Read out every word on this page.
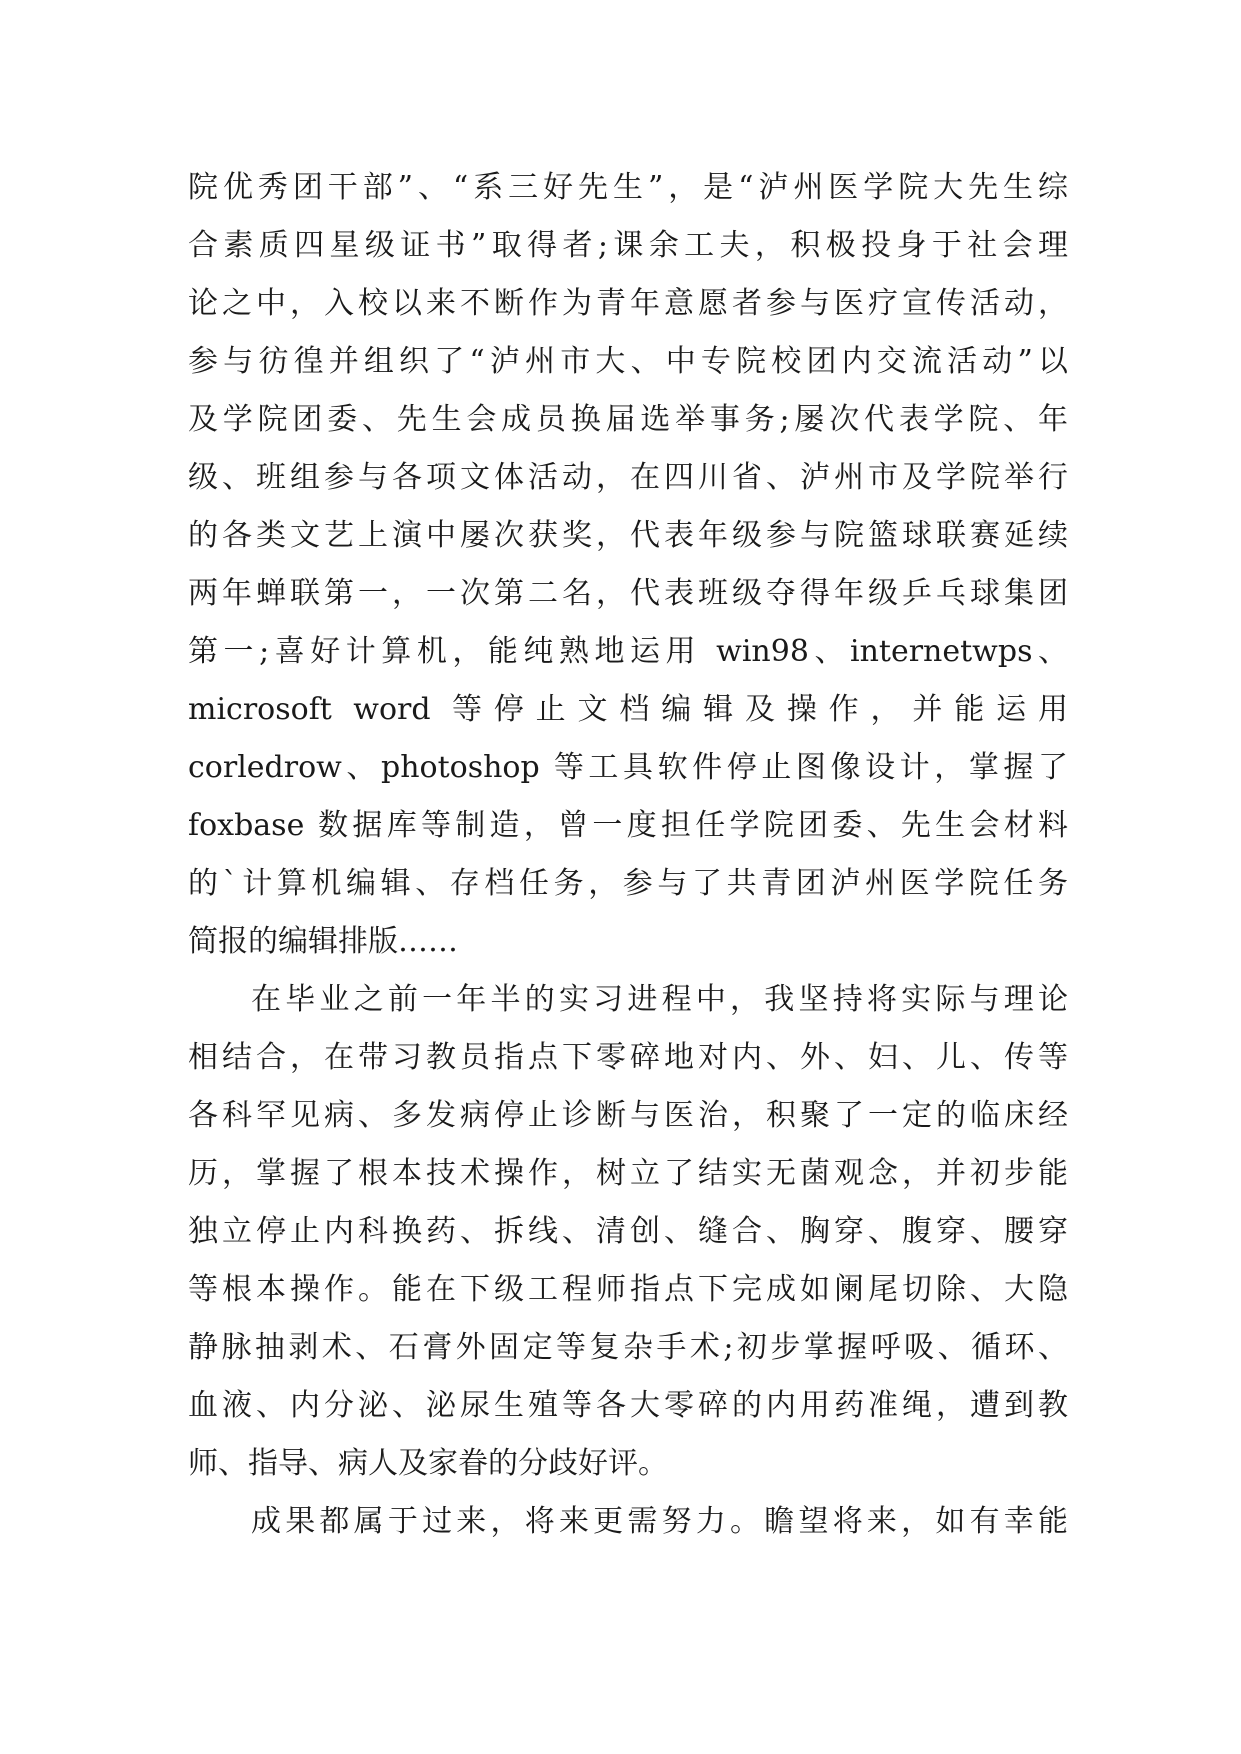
院优秀团干部”、“系三好先生”，是“泸州医学院大先生综
合素质四星级证书”取得者;课余工夫，积极投身于社会理
论之中，入校以来不断作为青年意愿者参与医疗宣传活动，
参与彷徨并组织了“泸州市大、中专院校团内交流活动”以
及学院团委、先生会成员换届选举事务;屡次代表学院、年
级、班组参与各项文体活动，在四川省、泸州市及学院举行
的各类文艺上演中屡次获奖，代表年级参与院篮球联赛延续
两年蝉联第一，一次第二名，代表班级夺得年级乒乓球集团
第一;喜好计算机，能纯熟地运用 win98、internetwps、
microsoft word 等停止文档编辑及操作，并能运用
corledrow、photoshop 等工具软件停止图像设计，掌握了
foxbase 数据库等制造，曾一度担任学院团委、先生会材料
的`计算机编辑、存档任务，参与了共青团泸州医学院任务
简报的编辑排版……
在毕业之前一年半的实习进程中，我坚持将实际与理论
相结合，在带习教员指点下零碎地对内、外、妇、儿、传等
各科罕见病、多发病停止诊断与医治，积聚了一定的临床经
历，掌握了根本技术操作，树立了结实无菌观念，并初步能
独立停止内科换药、拆线、清创、缝合、胸穿、腹穿、腰穿
等根本操作。能在下级工程师指点下完成如阑尾切除、大隐
静脉抽剥术、石膏外固定等复杂手术;初步掌握呼吸、循环、
血液、内分泌、泌尿生殖等各大零碎的内用药准绳，遭到教
师、指导、病人及家眷的分歧好评。
成果都属于过来，将来更需努力。瞻望将来，如有幸能
